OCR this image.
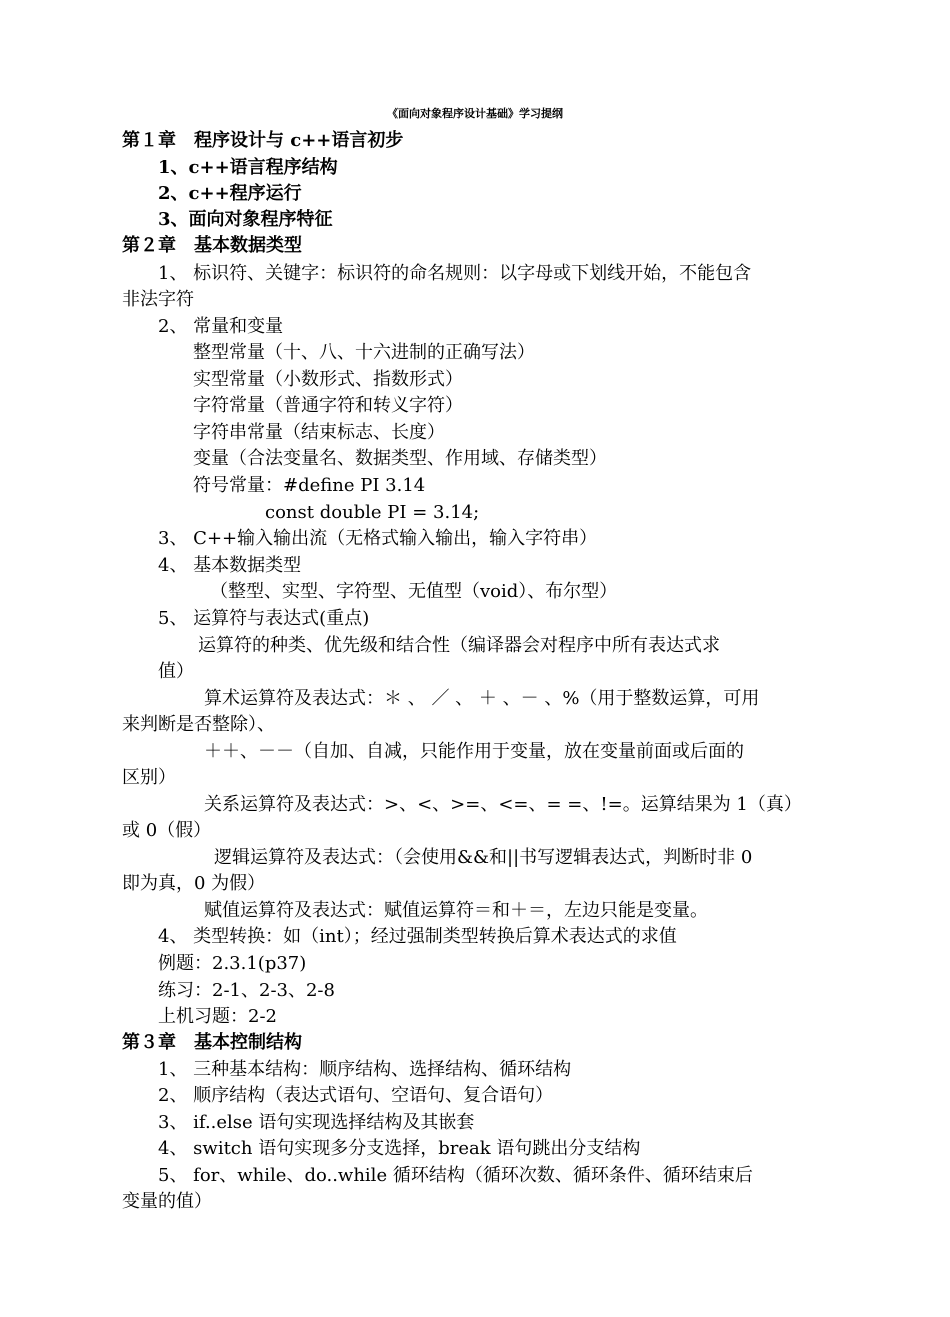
《面向对象程序设计基础》学习提纲
第１章　程序设计与 c++语言初步
1、c++语言程序结构
2、c++程序运行
3、面向对象程序特征
第２章　基本数据类型
1、 标识符、关键字：标识符的命名规则：以字母或下划线开始，不能包含
非法字符
2、 常量和变量
整型常量（十、八、十六进制的正确写法）
实型常量（小数形式、指数形式）
字符常量（普通字符和转义字符）
字符串常量（结束标志、长度）
变量（合法变量名、数据类型、作用域、存储类型）
符号常量：#define PI 3.14
const double PI = 3.14;
3、 C++输入输出流（无格式输入输出，输入字符串）
4、 基本数据类型
（整型、实型、字符型、无值型（void）、布尔型）
5、 运算符与表达式(重点)
运算符的种类、优先级和结合性（编译器会对程序中所有表达式求
值）
算术运算符及表达式：＊ 、 ／ 、 ＋ 、－ 、%（用于整数运算，可用
来判断是否整除）、
＋＋、－－（自加、自减，只能作用于变量，放在变量前面或后面的
区别）
关系运算符及表达式：>、<、>=、<=、= =、!=。运算结果为 1（真）
或 0（假）
逻辑运算符及表达式：（会使用&&和||书写逻辑表达式，判断时非 0
即为真，0 为假）
赋值运算符及表达式：赋值运算符＝和＋＝，左边只能是变量。
4、 类型转换：如（int）；经过强制类型转换后算术表达式的求值
例题：2.3.1(p37)
练习：2-1、2-3、2-8
上机习题：2-2
第３章　基本控制结构
1、 三种基本结构：顺序结构、选择结构、循环结构
2、 顺序结构（表达式语句、空语句、复合语句）
3、 if..else 语句实现选择结构及其嵌套
4、 switch 语句实现多分支选择，break 语句跳出分支结构
5、 for、while、do..while 循环结构（循环次数、循环条件、循环结束后
变量的值）
